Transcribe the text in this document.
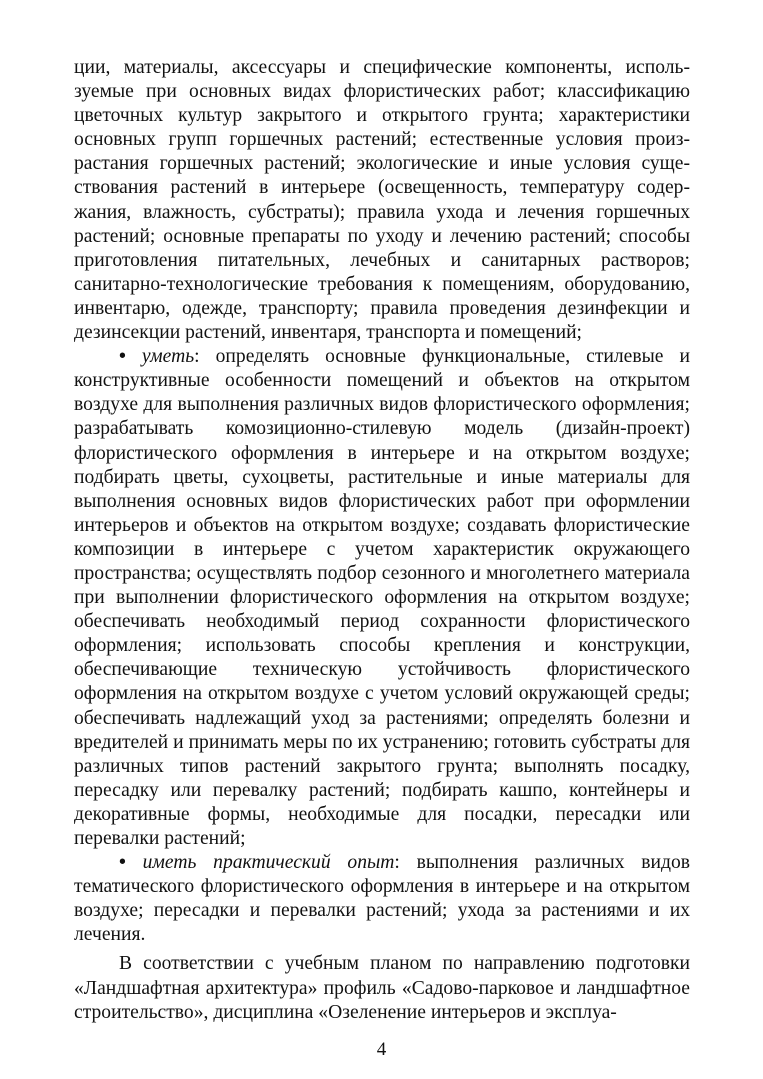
ции, материалы, аксессуары и специфические компоненты, используемые при основных видах флористических работ; классификацию цветочных культур закрытого и открытого грунта; характеристики основных групп горшечных растений; естественные условия произрастания горшечных растений; экологические и иные условия существования растений в интерьере (освещенность, температуру содержания, влажность, субстраты); правила ухода и лечения горшечных растений; основные препараты по уходу и лечению растений; способы приготовления питательных, лечебных и санитарных растворов; санитарно-технологические требования к помещениям, оборудованию, инвентарю, одежде, транспорту; правила проведения дезинфекции и дезинсекции растений, инвентаря, транспорта и помещений;

• уметь: определять основные функциональные, стилевые и конструктивные особенности помещений и объектов на открытом воздухе для выполнения различных видов флористического оформления; разрабатывать комозиционно-стилевую модель (дизайн-проект) флористического оформления в интерьере и на открытом воздухе; подбирать цветы, сухоцветы, растительные и иные материалы для выполнения основных видов флористических работ при оформлении интерьеров и объектов на открытом воздухе; создавать флористические композиции в интерьере с учетом характеристик окружающего пространства; осуществлять подбор сезонного и многолетнего материала при выполнении флористического оформления на открытом воздухе; обеспечивать необходимый период сохранности флористического оформления; использовать способы крепления и конструкции, обеспечивающие техническую устойчивость флористического оформления на открытом воздухе с учетом условий окружающей среды; обеспечивать надлежащий уход за растениями; определять болезни и вредителей и принимать меры по их устранению; готовить субстраты для различных типов растений закрытого грунта; выполнять посадку, пересадку или перевалку растений; подбирать кашпо, контейнеры и декоративные формы, необходимые для посадки, пересадки или перевалки растений;

• иметь практический опыт: выполнения различных видов тематического флористического оформления в интерьере и на открытом воздухе; пересадки и перевалки растений; ухода за растениями и их лечения.

В соответствии с учебным планом по направлению подготовки «Ландшафтная архитектура» профиль «Садово-парковое и ландшафтное строительство», дисциплина «Озеленение интерьеров и эксплуа-

4
